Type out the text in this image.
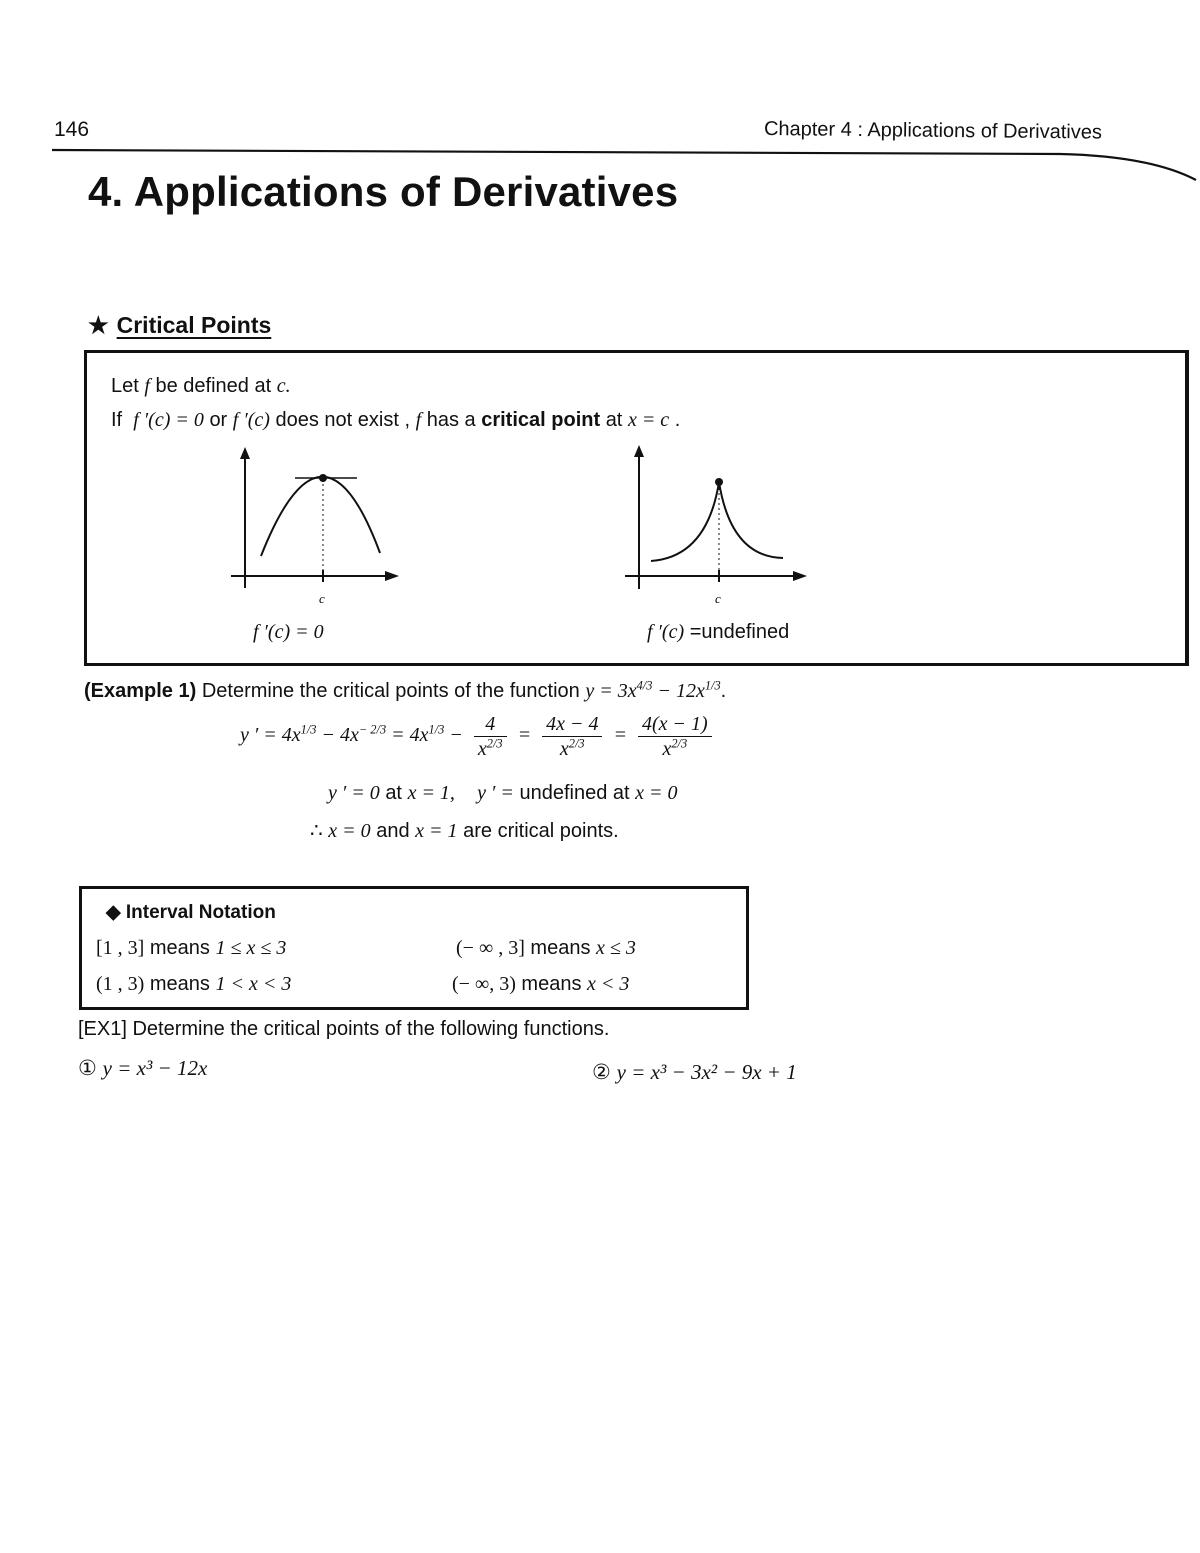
146	Chapter 4 : Applications of Derivatives
4. Applications of Derivatives
★ Critical Points
Let f be defined at c.
If f ′(c) = 0 or f ′(c) does not exist , f has a critical point at x = c .
c
f ′(c) = 0
c
f ′(c) =undefined
(Example 1) Determine the critical points of the function $y = 3x^{4/3} - 12x^{1/3}$.
y ′ = $4x^{1/3} - 4x^{- 2/3} = 4x^{1/3} - \frac{4}{x^{2/3}} = \frac{4x - 4}{x^{2/3}} = \frac{4(x - 1)}{x^{2/3}}$
y ′ = 0 at x = 1, y ′ = undefined at x = 0
∴ x = 0 and x = 1 are critical points.
◆ Interval Notation
[1 , 3] means 1 ≤ x ≤ 3	(− ∞ , 3] means x ≤ 3
(1 , 3) means 1 < x < 3	(− ∞, 3) means x < 3
[EX1] Determine the critical points of the following functions.
① y = x³ − 12x	② y = x³ − 3x² − 9x + 1
